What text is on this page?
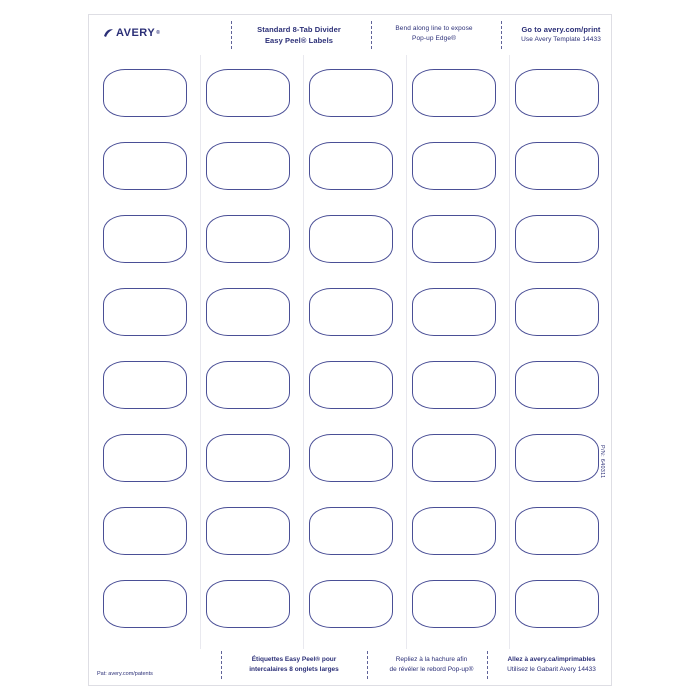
AVERY ®	Standard 8-Tab Divider
Easy Peel® Labels
Bend along line to expose
Pop-up Edge®
Go to avery.com/print
Use Avery Template 14433
P/N: 640311
Pat: avery.com/patents
Étiquettes Easy Peel® pour
intercalaires 8 onglets larges
Repliez à la hachure afin
de révéler le rebord Pop-up®
Allez à avery.ca/imprimables
Utilisez le Gabarit Avery 14433
